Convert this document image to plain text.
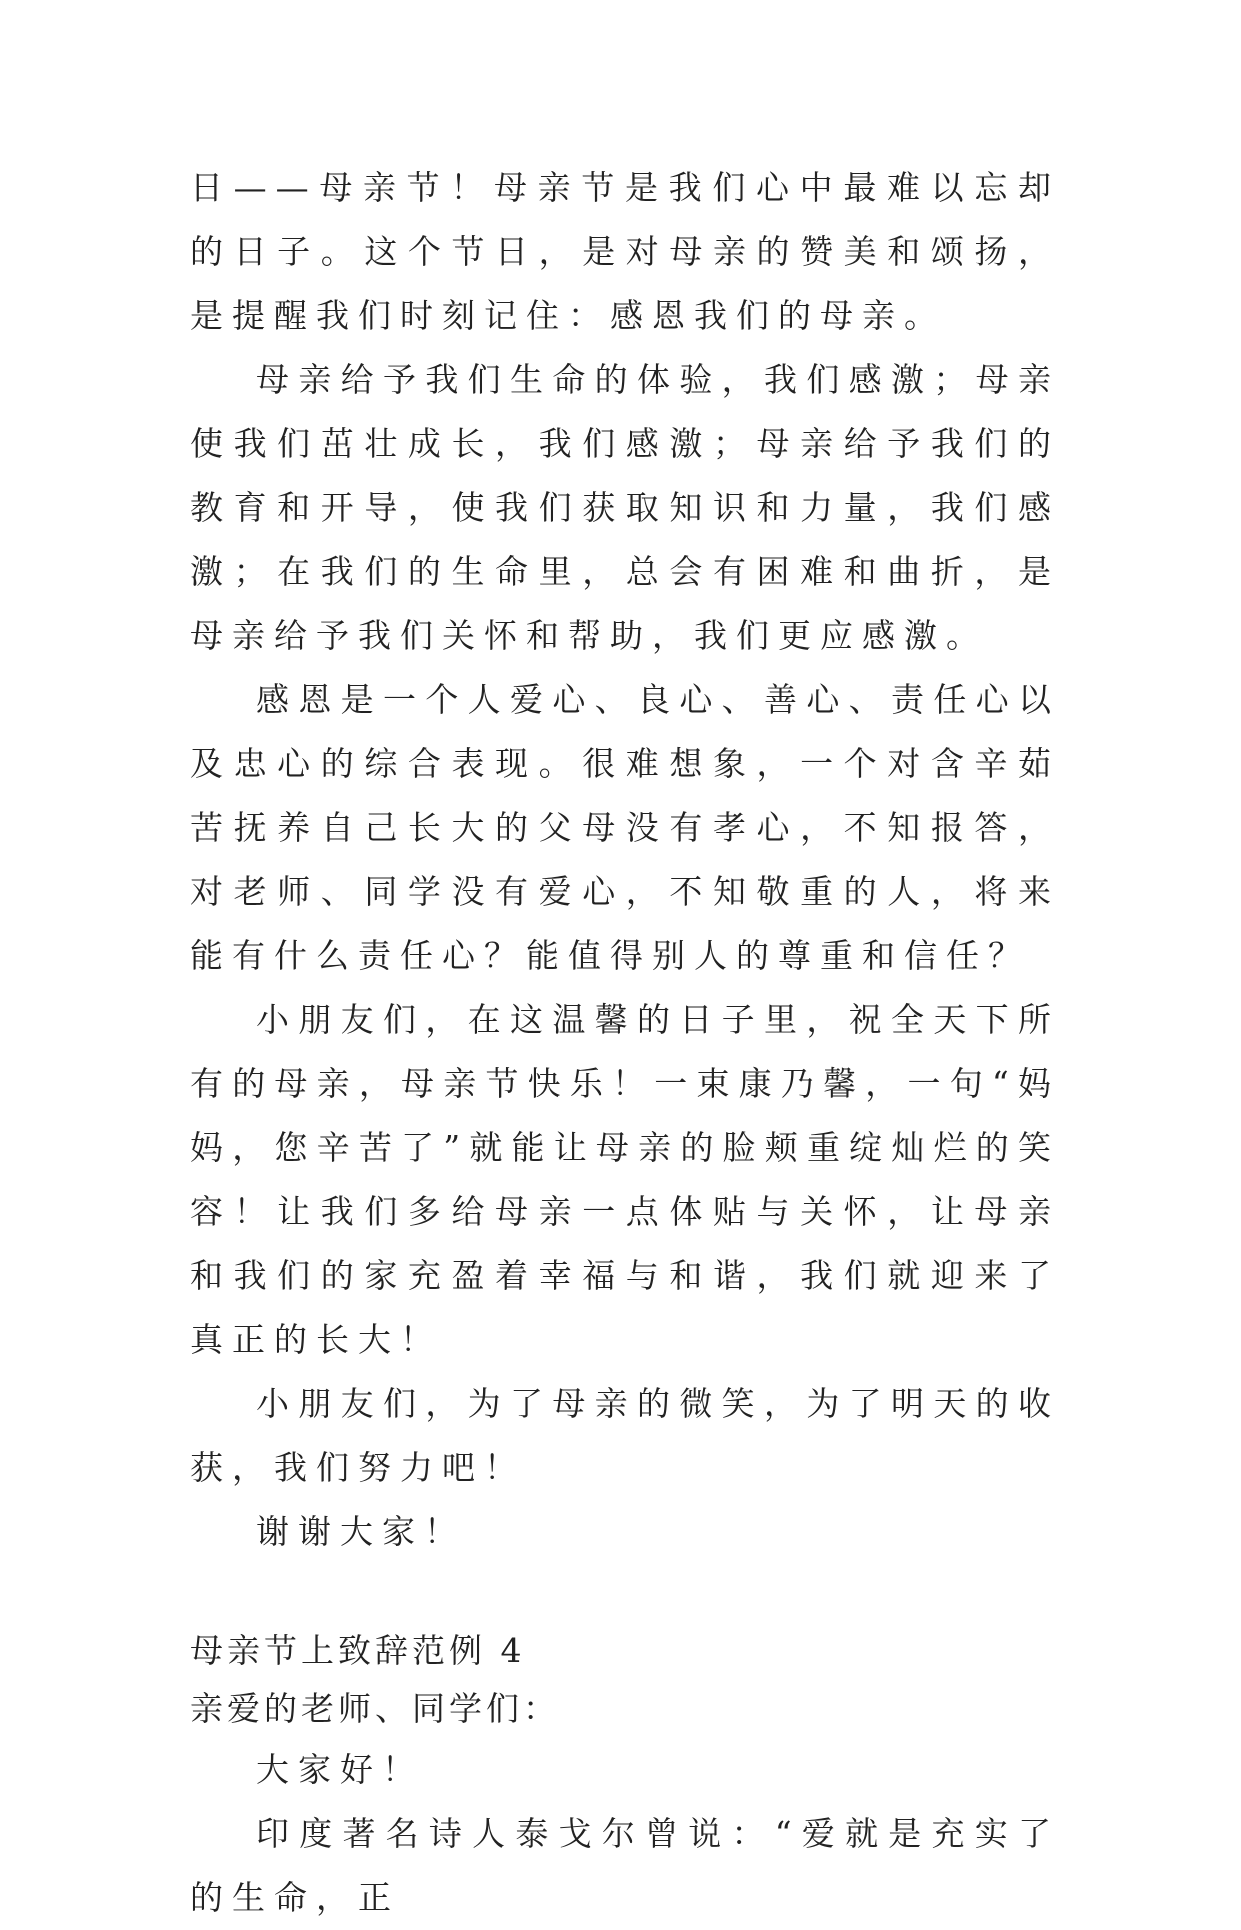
日——母亲节！母亲节是我们心中最难以忘却的日子。这个节日，是对母亲的赞美和颂扬，是提醒我们时刻记住：感恩我们的母亲。

母亲给予我们生命的体验，我们感激；母亲使我们茁壮成长，我们感激；母亲给予我们的教育和开导，使我们获取知识和力量，我们感激；在我们的生命里，总会有困难和曲折，是母亲给予我们关怀和帮助，我们更应感激。

感恩是一个人爱心、良心、善心、责任心以及忠心的综合表现。很难想象，一个对含辛茹苦抚养自己长大的父母没有孝心，不知报答，对老师、同学没有爱心，不知敬重的人，将来能有什么责任心？能值得别人的尊重和信任？

小朋友们，在这温馨的日子里，祝全天下所有的母亲，母亲节快乐！一束康乃馨，一句“妈妈，您辛苦了”就能让母亲的脸颊重绽灿烂的笑容！让我们多给母亲一点体贴与关怀，让母亲和我们的家充盈着幸福与和谐，我们就迎来了真正的长大！

小朋友们，为了母亲的微笑，为了明天的收获，我们努力吧！

谢谢大家！

母亲节上致辞范例 4

亲爱的老师、同学们：

大家好！

印度著名诗人泰戈尔曾说：“爱就是充实了的生命，正
